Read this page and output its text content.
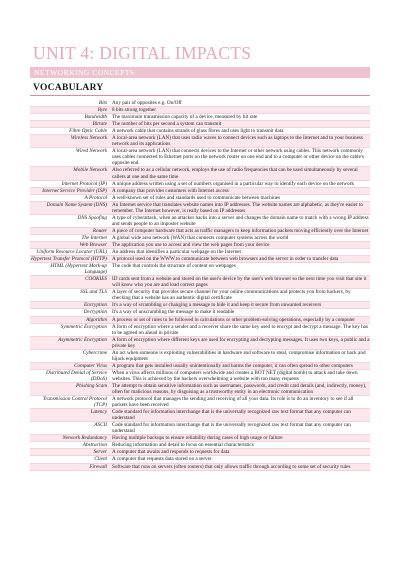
UNIT 4: DIGITAL IMPACTS
NETWORKING CONCEPTS
VOCABULARY
Bits Any pair of opposites e.g. On/Off
Byte 8 bits strung together
Bandwidth The maximum transmission capacity of a device, measured by bit rate
Bitrate The number of bits per second a system can transmit
Fibre Optic Cable A network cable that contains strands of glass fibres and uses light to transmit data
Wireless Network A local-area network (LAN) that uses radio waves to connect devices such as laptops to the Internet and to your business network and its applications
Wired Network A local-area network (LAN) that connects devices to the Internet or other network using cables. This network commonly uses cables connected to Ethernet ports on the network router on one end and to a computer or other device on the cable's opposite end.
Mobile Network Also referred to as a cellular network, employs the use of radio frequencies that can be used simultaneously by several callers at one and the same time
Internet Protocol (IP) A unique address written using a set of numbers organised in a particular way to identify each device on the network
Internet Service Provider (ISP) A company that provides customers with Internet access
A Protocol A well-known set of rules and standards used to communicate between machines
Domain Name System (DNS) An Internet service that translates website names into IP addresses. The website names are alphabetic, as they're easier to remember. The Internet however, is really based on IP addresses
DNS Spoofing A type of cyberattack, when an attacker hacks into a server and changes the domain name to match with a wrong IP address and sends people to an imposter website
Router A piece of computer hardware that acts as traffic managers to keep information packets moving efficiently over the Internet
The Internet A global wide area network (WAN) that connects computer systems across the world
Web Browser The application you use to access and view the web pages from your device
Uniform Resource Locator (URL) An address that identifies a particular webpage on the Internet
Hypertext Transfer Protocol (HTTP) A protocol used on the WWW to communicate between web browsers and the server in order to transfer data
HTML (Hypertext Mark-up Language)
The code that controls the structure of content on webpages
COOKIES ID cards sent from a website and stored on the user's device by the user's web browser so the next time you visit that site it will know who you are and load correct pages
SSL and TLS A layer of security that provides secure channel for your online communications and protects you from hackers, by checking that a website has an authentic digital certificate
Encryption It's a way of scrambling or changing a message to hide it and keep it secure from unwanted receivers
Decryption It's a way of unscrambling the message to make it readable
Algorithm A process or set of rules to be followed in calculations or other problem-solving operations, especially by a computer
Symmetric Encryption A form of encryption where a sender and a receiver share the same key used to encrypt and decrypt a message. The key has to be agreed on ahead in private
Asymmetric Encryption A form of encryption where different keys are used for encrypting and decrypting messages. It uses two keys, a public and a private key
Cybercrime An act when someone is exploiting vulnerabilities in hardware and software to steal, compromise information or hack and hijack equipment
Computer Virus A program that gets installed usually unintentionally and harms the computer, it can often spread to other computers
Distributed Denial of Service (DDoS)
When a virus affects millions of computers worldwide and creates a BOT NET (digital bomb) to attack and take down websites. This is achieved by the hackers overwhelming a website with too many requests
Phishing Scam The attempt to obtain sensitive information such as usernames, passwords, and credit card details (and, indirectly, money), often for malicious reasons, by disguising as a trustworthy entity in an electronic communication
Transmission Control Protocol (TCP)
A network protocol that manages the sending and receiving of all your data. Its role is to do an inventory to see if all packets have been received
Latency Code standard for information interchange that is the universally recognized raw text format that any computer can understand
ASCII Code standard for information interchange that is the universally recognized raw text format that any computer can understand
Network Redundancy Having multiple backups to ensure reliability during cases of high usage or failure
Abstraction Reducing information and detail to focus on essential characteristics
Server A computer that awaits and responds to requests for data
Client A computer that requests data stored on a server
Firewall Software that runs on servers (often routers) that only allows traffic through according to some set of security rules
